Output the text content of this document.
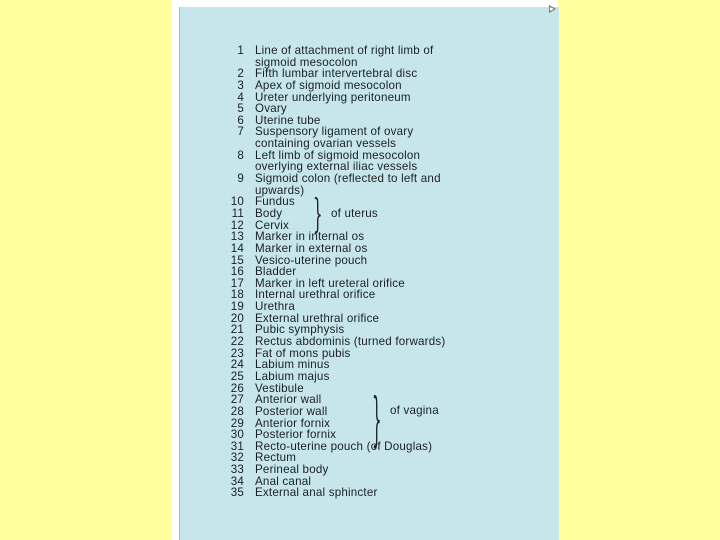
1 Line of attachment of right limb of
sigmoid mesocolon
2 Fifth lumbar intervertebral disc
3 Apex of sigmoid mesocolon
4 Ureter underlying peritoneum
5 Ovary
6 Uterine tube
7 Suspensory ligament of ovary
containing ovarian vessels
8 Left limb of sigmoid mesocolon
overlying external iliac vessels
9 Sigmoid colon (reflected to left and
upwards)
10 Fundus
11 Body
12 Cervix
13 Marker in internal os
14 Marker in external os
15 Vesico-uterine pouch
16 Bladder
17 Marker in left ureteral orifice
18 Internal urethral orifice
19 Urethra
20 External urethral orifice
21 Pubic symphysis
22 Rectus abdominis (turned forwards)
23 Fat of mons pubis
24 Labium minus
25 Labium majus
26 Vestibule
27 Anterior wall
28 Posterior wall
29 Anterior fornix
30 Posterior fornix
31 Recto-uterine pouch (of Douglas)
32 Rectum
33 Perineal body
34 Anal canal
35 External anal sphincter
} of uterus
} of vagina
